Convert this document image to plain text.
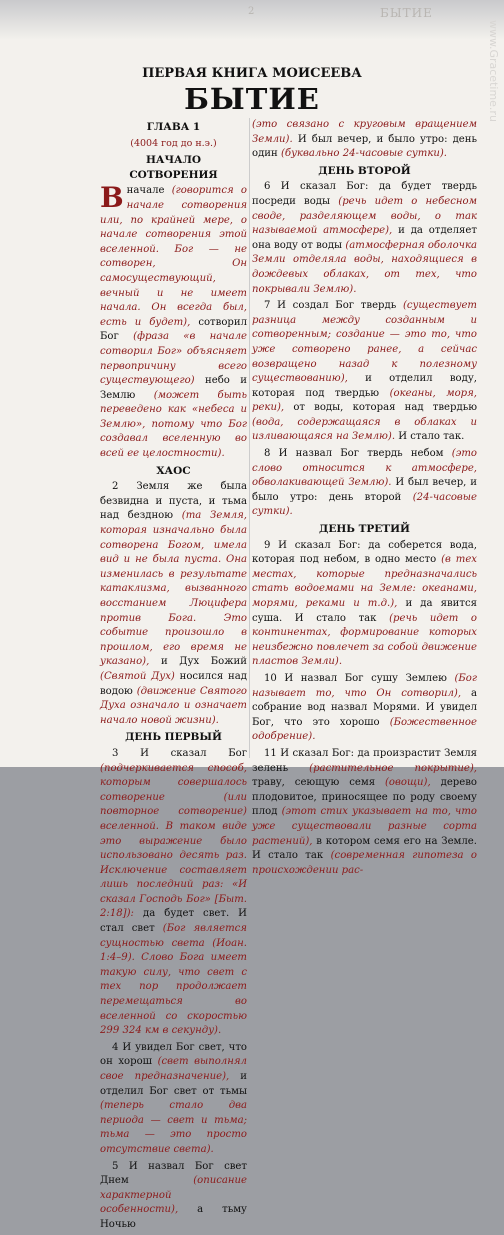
2	БЫТИЕ
www.Gracetime.ru
ПЕРВАЯ КНИГА МОИСЕЕВА
БЫТИЕ
ГЛАВА 1
(4004 год до н.э.)
НАЧАЛО СОТВОРЕНИЯ

Вначале (говорится о начале сотворения или, по крайней мере, о начале сотворения этой вселенной. Бог — не сотворен, Он самосуществующий, вечный и не имеет начала. Он всегда был, есть и будет), сотворил Бог (фраза «в начале сотворил Бог» объясняет первопричину всего существующего) небо и Землю (может быть переведено как «небеса и Землю», потому что Бог создавал вселенную во всей ее целостности).

ХАОС

2 Земля же была безвидна и пуста, и тьма над бездною (та Земля, которая изначально была сотворена Богом, имела вид и не была пуста. Она изменилась в результате катаклизма, вызванного восстанием Люцифера против Бога. Это событие произошло в прошлом, его время не указано), и Дух Божий (Святой Дух) носился над водою (движение Святого Духа означало и означает начало новой жизни).

ДЕНЬ ПЕРВЫЙ

3 И сказал Бог (подчеркивается способ, которым совершалось сотворение (или повторное сотворение) вселенной. В таком виде это выражение было использовано десять раз. Исключение составляет лишь последний раз: «И сказал Господь Бог» [Быт. 2:18]): да будет свет. И стал свет (Бог является сущностью света (Иоан. 1:4–9). Слово Бога имеет такую силу, что свет с тех пор продолжает перемещаться во вселенной со скоростью 299 324 км в секунду).

4 И увидел Бог свет, что он хорош (свет выполнял свое предназначение), и отделил Бог свет от тьмы (теперь стало два периода — свет и тьма; тьма — это просто отсутствие света).

5 И назвал Бог свет Днем	(описание характерной особенности), а тьму Ночью

(это связано с круговым вращением Земли). И был вечер, и было утро: день один (буквально 24-часовые сутки).

ДЕНЬ ВТОРОЙ

6 И сказал Бог: да будет твердь посреди воды (речь идет о небесном своде, разделяющем воды, о так называемой атмосфере), и да отделяет она воду от воды (атмосферная оболочка Земли отделяла воды, находящиеся в дождевых облаках, от тех, что покрывали Землю).

7 И создал Бог твердь (существует разница между созданным и сотворенным; создание — это то, что уже сотворено ранее, а сейчас возвращено назад к полезному существованию), и отделил воду, которая под твердью (океаны, моря, реки), от воды, которая над твердью (вода, содержащаяся в облаках и изливающаяся на Землю). И стало так.

8 И назвал Бог твердь небом (это слово относится к атмосфере, обволакивающей Землю). И был вечер, и было утро: день второй (24-часовые сутки).

ДЕНЬ ТРЕТИЙ

9 И сказал Бог: да соберется вода, которая под небом, в одно место (в тех местах, которые предназначались стать водоемами на Земле: океанами, морями, реками и т.д.), и да явится суша. И стало так (речь идет о континентах, формирование которых неизбежно повлечет за собой движение пластов Земли).

10 И назвал Бог сушу Землею (Бог называет то, что Он сотворил), а собрание вод назвал Морями. И увидел Бог, что это хорошо (Божественное одобрение).

11 И сказал Бог: да произрастит Земля зелень (растительное покрытие), траву, сеющую семя (овощи), дерево плодовитое, приносящее по роду своему плод (этот стих указывает на то, что уже существовали разные сорта растений), в котором семя его на Земле. И стало так (современная гипотеза о происхождении рас-
